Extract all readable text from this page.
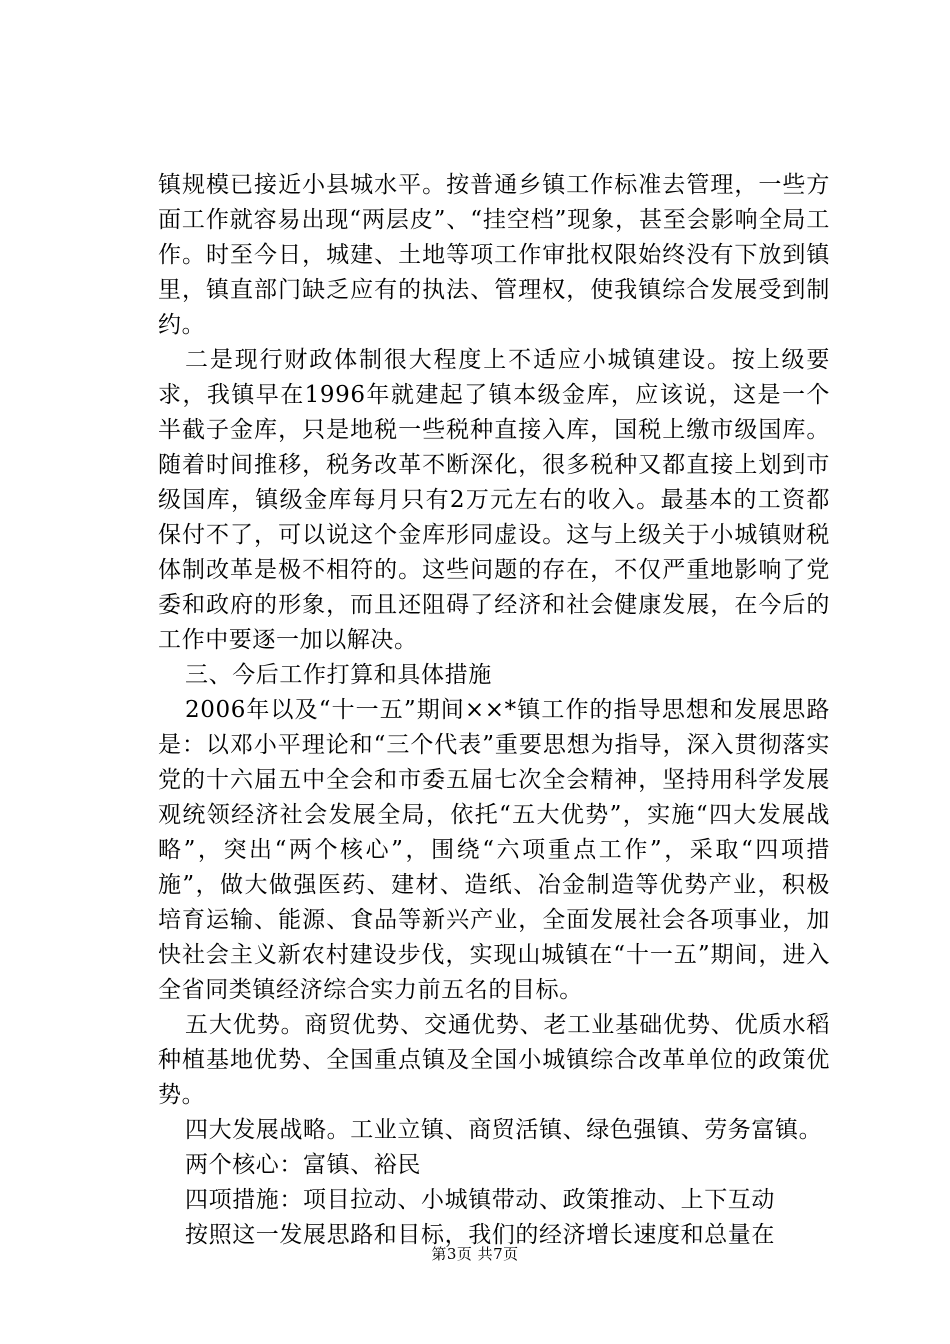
镇规模已接近小县城水平。按普通乡镇工作标准去管理，一些方面工作就容易出现“两层皮”、“挂空档”现象，甚至会影响全局工作。时至今日，城建、土地等项工作审批权限始终没有下放到镇里，镇直部门缺乏应有的执法、管理权，使我镇综合发展受到制约。

二是现行财政体制很大程度上不适应小城镇建设。按上级要求，我镇早在1996年就建起了镇本级金库，应该说，这是一个半截子金库，只是地税一些税种直接入库，国税上缴市级国库。随着时间推移，税务改革不断深化，很多税种又都直接上划到市级国库，镇级金库每月只有2万元左右的收入。最基本的工资都保付不了，可以说这个金库形同虚设。这与上级关于小城镇财税体制改革是极不相符的。这些问题的存在，不仅严重地影响了党委和政府的形象，而且还阻碍了经济和社会健康发展，在今后的工作中要逐一加以解决。

三、今后工作打算和具体措施

2006年以及“十一五”期间××*镇工作的指导思想和发展思路是：以邓小平理论和“三个代表”重要思想为指导，深入贯彻落实党的十六届五中全会和市委五届七次全会精神，坚持用科学发展观统领经济社会发展全局，依托“五大优势”，实施“四大发展战略”，突出“两个核心”，围绕“六项重点工作”，采取“四项措施”，做大做强医药、建材、造纸、冶金制造等优势产业，积极培育运输、能源、食品等新兴产业，全面发展社会各项事业，加快社会主义新农村建设步伐，实现山城镇在“十一五”期间，进入全省同类镇经济综合实力前五名的目标。

五大优势。商贸优势、交通优势、老工业基础优势、优质水稻种植基地优势、全国重点镇及全国小城镇综合改革单位的政策优势。

四大发展战略。工业立镇、商贸活镇、绿色强镇、劳务富镇。

两个核心：富镇、裕民

四项措施：项目拉动、小城镇带动、政策推动、上下互动

按照这一发展思路和目标，我们的经济增长速度和总量在

第3页 共7页
